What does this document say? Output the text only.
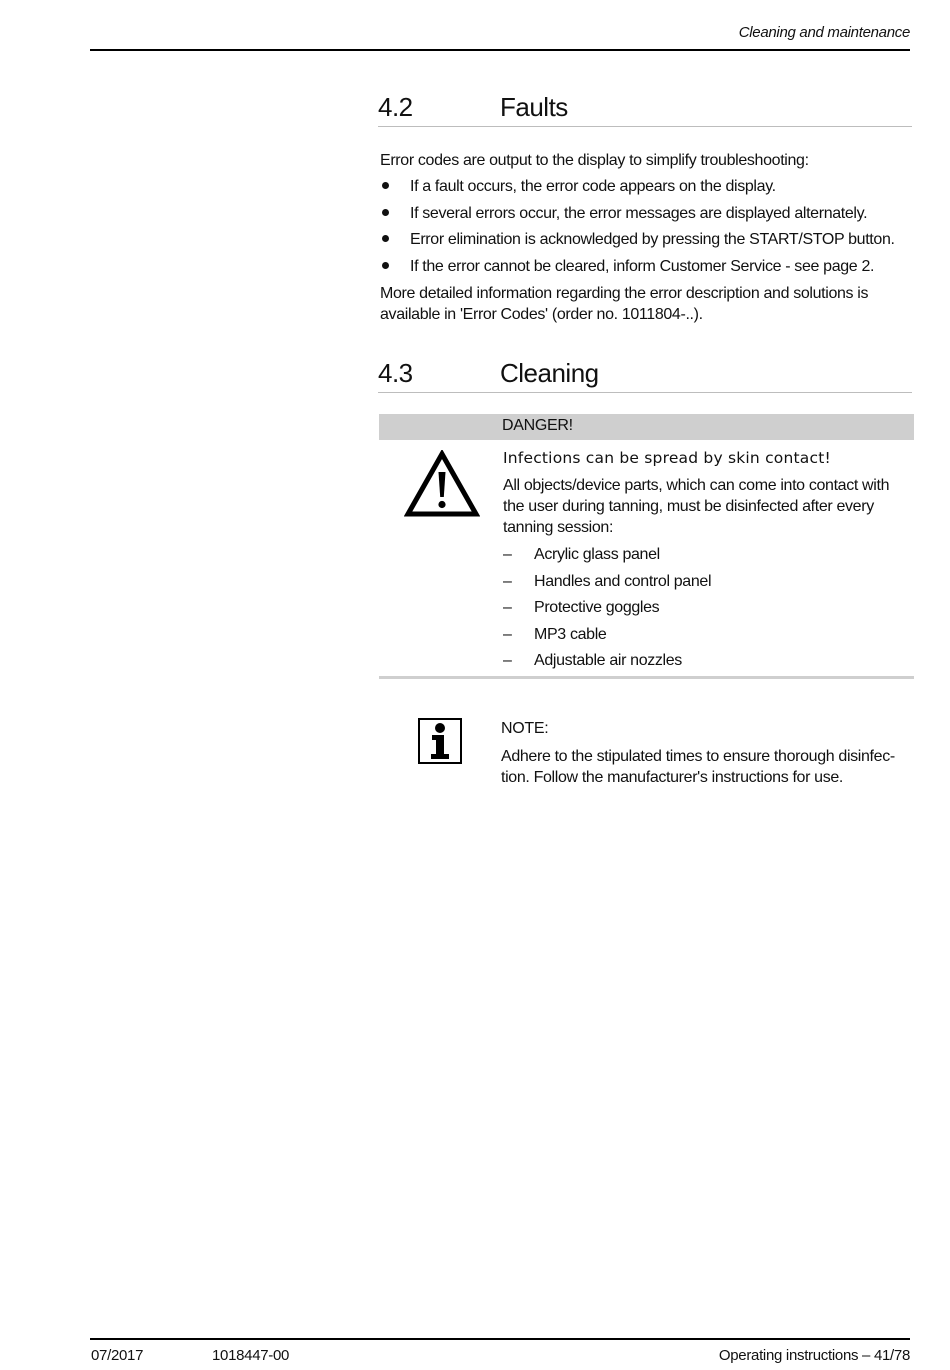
Cleaning and maintenance
4.2	Faults
Error codes are output to the display to simplify troubleshooting:
If a fault occurs, the error code appears on the display.
If several errors occur, the error messages are displayed alternately.
Error elimination is acknowledged by pressing the START/STOP button.
If the error cannot be cleared, inform Customer Service - see page 2.
More detailed information regarding the error description and solutions is available in 'Error Codes' (order no. 1011804-..).
4.3	Cleaning
DANGER!
Infections can be spread by skin contact!
All objects/device parts, which can come into contact with the user during tanning, must be disinfected after every tanning session:
– Acrylic glass panel
– Handles and control panel
– Protective goggles
– MP3 cable
– Adjustable air nozzles
NOTE:
Adhere to the stipulated times to ensure thorough disinfec- tion. Follow the manufacturer's instructions for use.
07/2017	1018447-00	Operating instructions – 41/78
